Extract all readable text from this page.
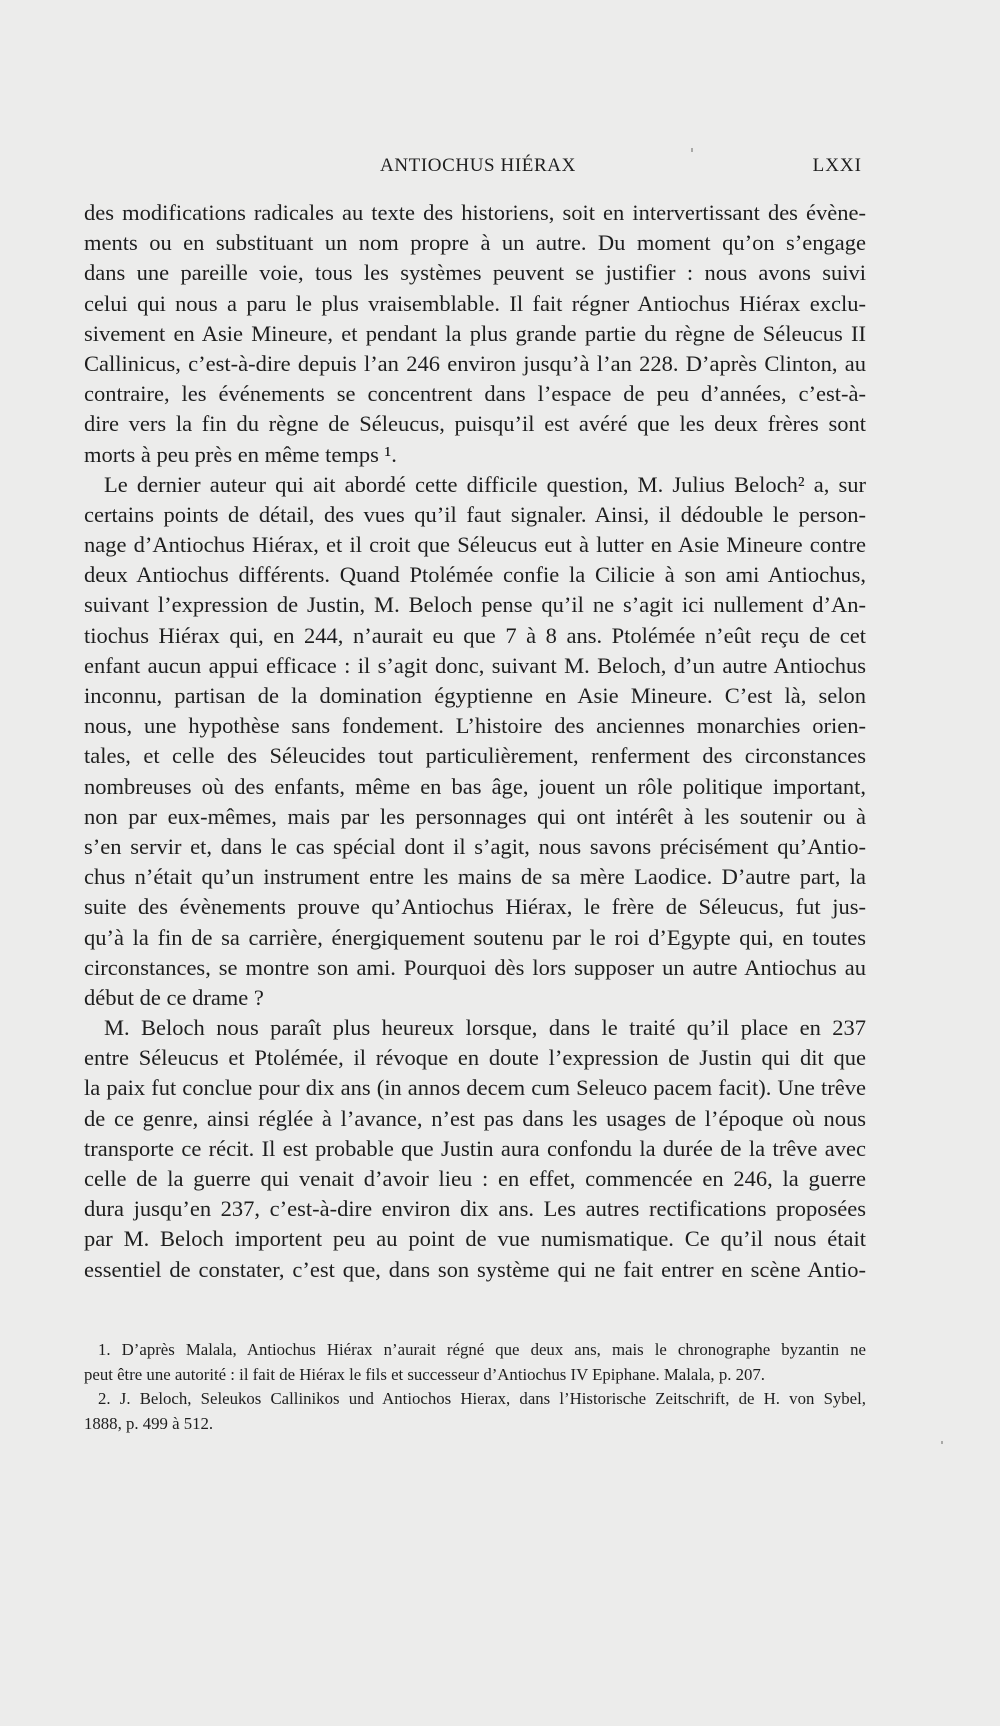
ANTIOCHUS HIÉRAX	LXXI
des modifications radicales au texte des historiens, soit en intervertissant des évène-
ments ou en substituant un nom propre à un autre. Du moment qu’on s’engage
dans une pareille voie, tous les systèmes peuvent se justifier : nous avons suivi
celui qui nous a paru le plus vraisemblable. Il fait régner Antiochus Hiérax exclu-
sivement en Asie Mineure, et pendant la plus grande partie du règne de Séleucus II
Callinicus, c’est-à-dire depuis l’an 246 environ jusqu’à l’an 228. D’après Clinton, au
contraire, les événements se concentrent dans l’espace de peu d’années, c’est-à-
dire vers la fin du règne de Séleucus, puisqu’il est avéré que les deux frères sont
morts à peu près en même temps ¹.
Le dernier auteur qui ait abordé cette difficile question, M. Julius Beloch² a, sur
certains points de détail, des vues qu’il faut signaler. Ainsi, il dédouble le person-
nage d’Antiochus Hiérax, et il croit que Séleucus eut à lutter en Asie Mineure contre
deux Antiochus différents. Quand Ptolémée confie la Cilicie à son ami Antiochus,
suivant l’expression de Justin, M. Beloch pense qu’il ne s’agit ici nullement d’An-
tiochus Hiérax qui, en 244, n’aurait eu que 7 à 8 ans. Ptolémée n’eût reçu de cet
enfant aucun appui efficace : il s’agit donc, suivant M. Beloch, d’un autre Antiochus
inconnu, partisan de la domination égyptienne en Asie Mineure. C’est là, selon
nous, une hypothèse sans fondement. L’histoire des anciennes monarchies orien-
tales, et celle des Séleucides tout particulièrement, renferment des circonstances
nombreuses où des enfants, même en bas âge, jouent un rôle politique important,
non par eux-mêmes, mais par les personnages qui ont intérêt à les soutenir ou à
s’en servir et, dans le cas spécial dont il s’agit, nous savons précisément qu’Antio-
chus n’était qu’un instrument entre les mains de sa mère Laodice. D’autre part, la
suite des évènements prouve qu’Antiochus Hiérax, le frère de Séleucus, fut jus-
qu’à la fin de sa carrière, énergiquement soutenu par le roi d’Egypte qui, en toutes
circonstances, se montre son ami. Pourquoi dès lors supposer un autre Antiochus au
début de ce drame ?
M. Beloch nous paraît plus heureux lorsque, dans le traité qu’il place en 237
entre Séleucus et Ptolémée, il révoque en doute l’expression de Justin qui dit que
la paix fut conclue pour dix ans (in annos decem cum Seleuco pacem facit). Une trêve
de ce genre, ainsi réglée à l’avance, n’est pas dans les usages de l’époque où nous
transporte ce récit. Il est probable que Justin aura confondu la durée de la trêve avec
celle de la guerre qui venait d’avoir lieu : en effet, commencée en 246, la guerre
dura jusqu’en 237, c’est-à-dire environ dix ans. Les autres rectifications proposées
par M. Beloch importent peu au point de vue numismatique. Ce qu’il nous était
essentiel de constater, c’est que, dans son système qui ne fait entrer en scène Antio-
1. D’après Malala, Antiochus Hiérax n’aurait régné que deux ans, mais le chronographe byzantin ne
peut être une autorité : il fait de Hiérax le fils et successeur d’Antiochus IV Epiphane. Malala, p. 207.
2. J. Beloch, Seleukos Callinikos und Antiochos Hierax, dans l’Historische Zeitschrift, de H. von Sybel,
1888, p. 499 à 512.
